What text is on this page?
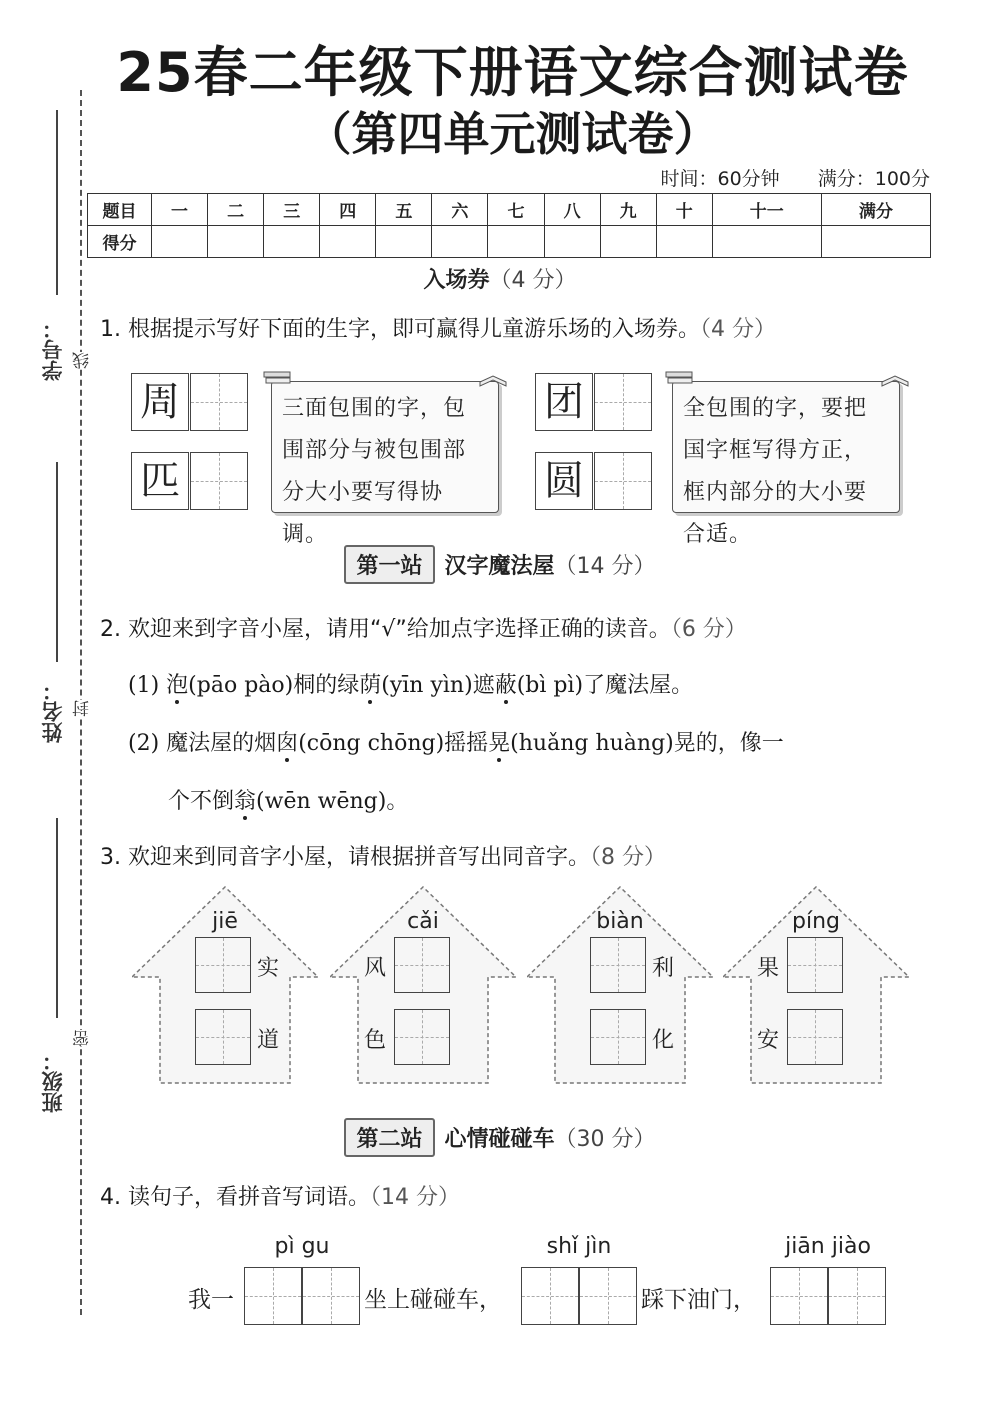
学号： 线
姓名： 封
密
班级：
25春二年级下册语文综合测试卷
（第四单元测试卷）
时间：60分钟 满分：100分
题目	一	二	三	四	五	六	七	八	九	十	十一	满分
得分												
入场券（4 分）
1. 根据提示写好下面的生字，即可赢得儿童游乐场的入场券。（4 分）
周
匹
三面包围的字，包围部分与被包围部分大小要写得协调。
团
圆
全包围的字，要把国字框写得方正，框内部分的大小要合适。
第一站 汉字魔法屋（14 分）
2. 欢迎来到字音小屋，请用“√”给加点字选择正确的读音。（6 分）
(1) 泡(pāo pào)桐的绿荫(yīn yìn)遮蔽(bì pì)了魔法屋。
(2) 魔法屋的烟囱(cōng chōng)摇摇晃(huǎng huàng)晃的，像一
个不倒翁(wēn wēng)。
3. 欢迎来到同音字小屋，请根据拼音写出同音字。（8 分）
jiē
实
道
cǎi
风
色
biàn
利
化
píng
果
安
第二站 心情碰碰车（30 分）
4. 读句子，看拼音写词语。（14 分）
pì gu	shǐ jìn	jiān jiào
我一	坐上碰碰车，	踩下油门，
